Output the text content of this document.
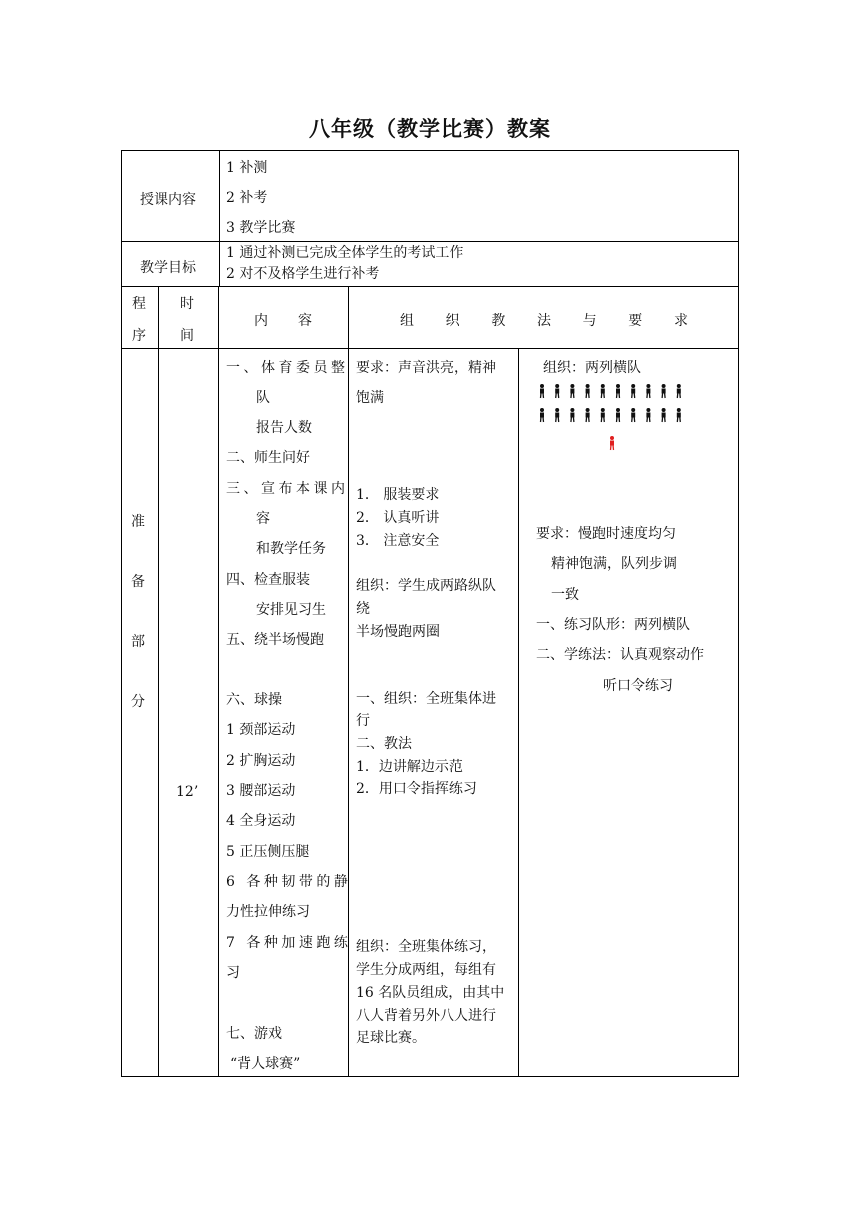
八年级（教学比赛）教案
授课内容
1 补测
2 补考
3 教学比赛
教学目标
1 通过补测已完成全体学生的考试工作
2 对不及格学生进行补考
程
序
时
间
内 容	组 织 教 法 与 要 求
准
备
部
分
12’
一、体育委员整
队
报告人数
二、师生问好
三、宣布本课内
容
和教学任务
四、检查服装
安排见习生
五、绕半场慢跑
六、球操
1 颈部运动
2 扩胸运动
3 腰部运动
4 全身运动
5 正压侧压腿
6 各种韧带的静
力性拉伸练习
7 各种加速跑练
习
七、游戏
“背人球赛”
要求：声音洪亮，精神
饱满
1． 服装要求
2． 认真听讲
3． 注意安全
组织：学生成两路纵队
绕
半场慢跑两圈
一、组织：全班集体进
行
二、教法
1．边讲解边示范
2．用口令指挥练习
组织：全班集体练习，
学生分成两组，每组有
16 名队员组成，由其中
八人背着另外八人进行
足球比赛。
组织：两列横队
要求：慢跑时速度均匀
精神饱满，队列步调
一致
一、练习队形：两列横队
二、学练法：认真观察动作
听口令练习
